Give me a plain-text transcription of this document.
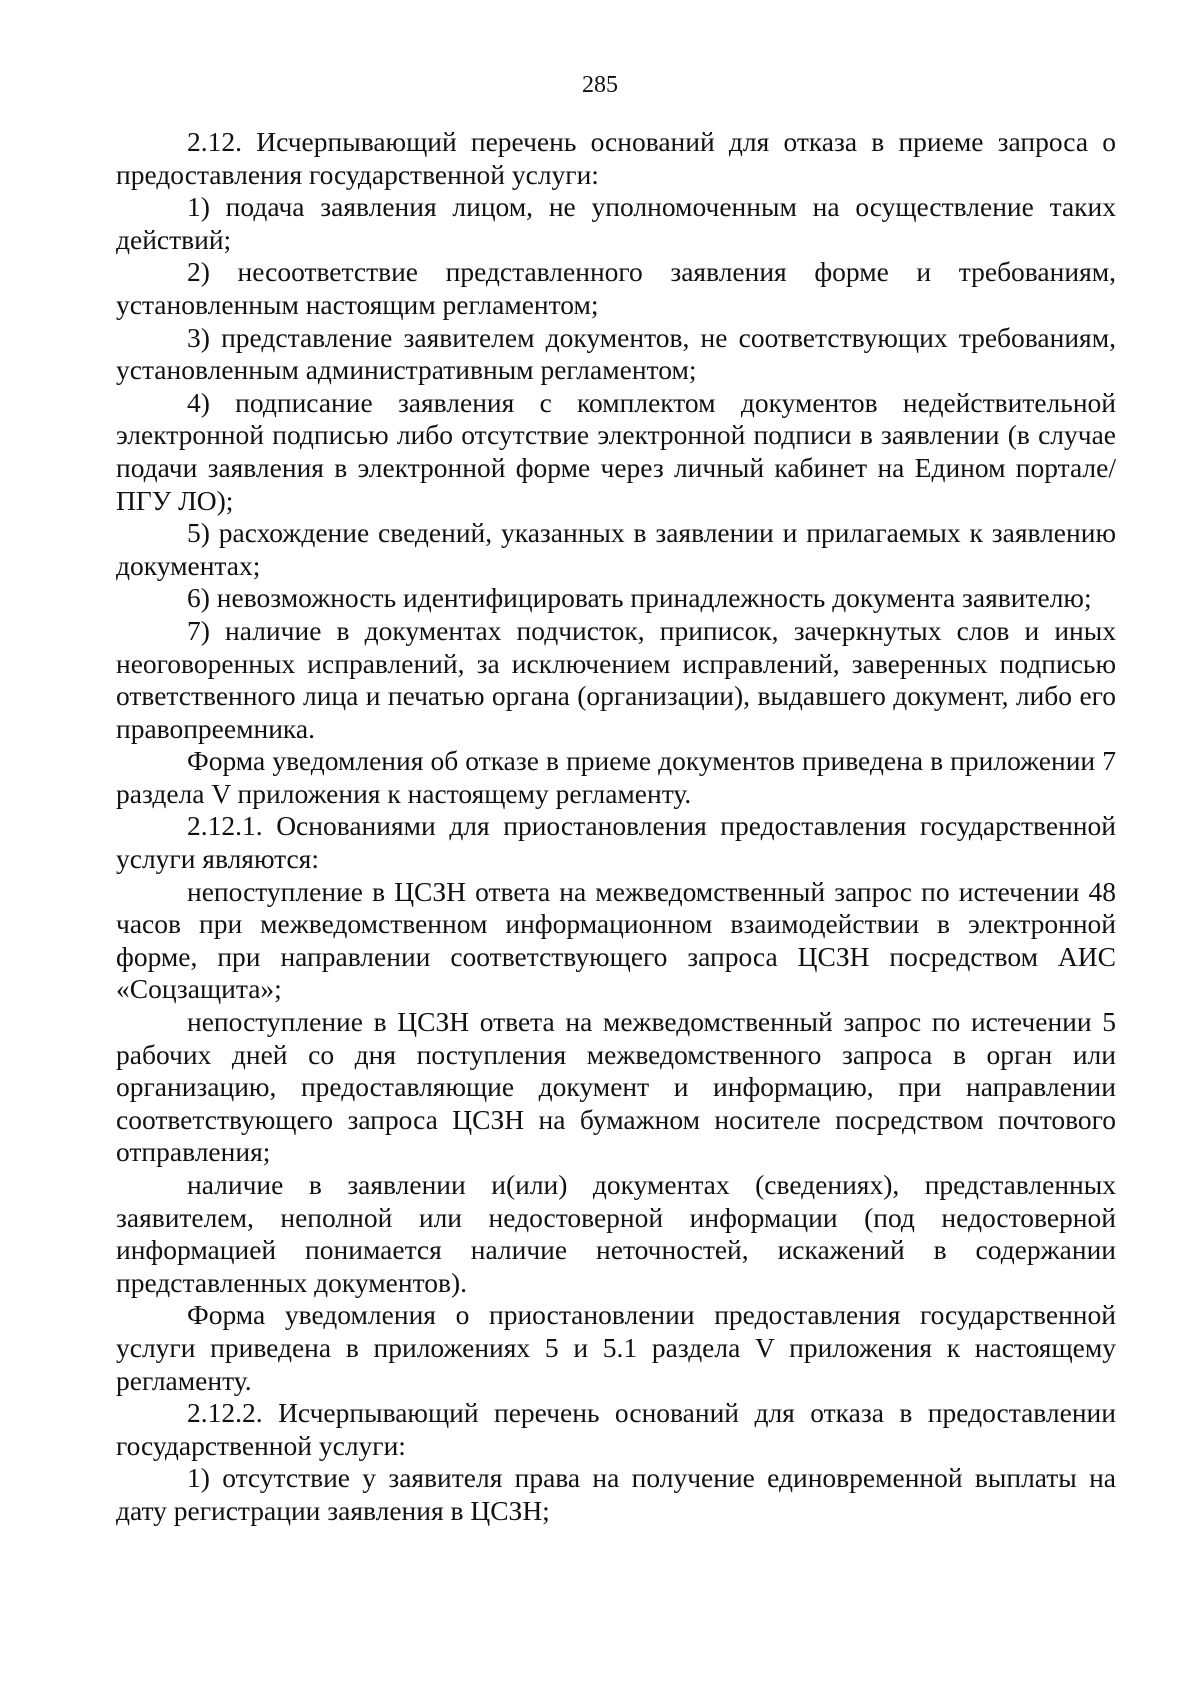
285

2.12. Исчерпывающий перечень оснований для отказа в приеме запроса о предоставления государственной услуги:

1) подача заявления лицом, не уполномоченным на осуществление таких действий;

2) несоответствие представленного заявления форме и требованиям, установленным настоящим регламентом;

3) представление заявителем документов, не соответствующих требованиям, установленным административным регламентом;

4) подписание заявления с комплектом документов недействительной электронной подписью либо отсутствие электронной подписи в заявлении (в случае подачи заявления в электронной форме через личный кабинет на Едином портале/ПГУ ЛО);

5) расхождение сведений, указанных в заявлении и прилагаемых к заявлению документах;

6) невозможность идентифицировать принадлежность документа заявителю;

7) наличие в документах подчисток, приписок, зачеркнутых слов и иных неоговоренных исправлений, за исключением исправлений, заверенных подписью ответственного лица и печатью органа (организации), выдавшего документ, либо его правопреемника.

Форма уведомления об отказе в приеме документов приведена в приложении 7 раздела V приложения к настоящему регламенту.

2.12.1. Основаниями для приостановления предоставления государственной услуги являются:

непоступление в ЦСЗН ответа на межведомственный запрос по истечении 48 часов при межведомственном информационном взаимодействии в электронной форме, при направлении соответствующего запроса ЦСЗН посредством АИС «Соцзащита»;

непоступление в ЦСЗН ответа на межведомственный запрос по истечении 5 рабочих дней со дня поступления межведомственного запроса в орган или организацию, предоставляющие документ и информацию, при направлении соответствующего запроса ЦСЗН на бумажном носителе посредством почтового отправления;

наличие в заявлении и(или) документах (сведениях), представленных заявителем, неполной или недостоверной информации (под недостоверной информацией понимается наличие неточностей, искажений в содержании представленных документов).

Форма уведомления о приостановлении предоставления государственной услуги приведена в приложениях 5 и 5.1 раздела V приложения к настоящему регламенту.

2.12.2. Исчерпывающий перечень оснований для отказа в предоставлении государственной услуги:

1) отсутствие у заявителя права на получение единовременной выплаты на дату регистрации заявления в ЦСЗН;
